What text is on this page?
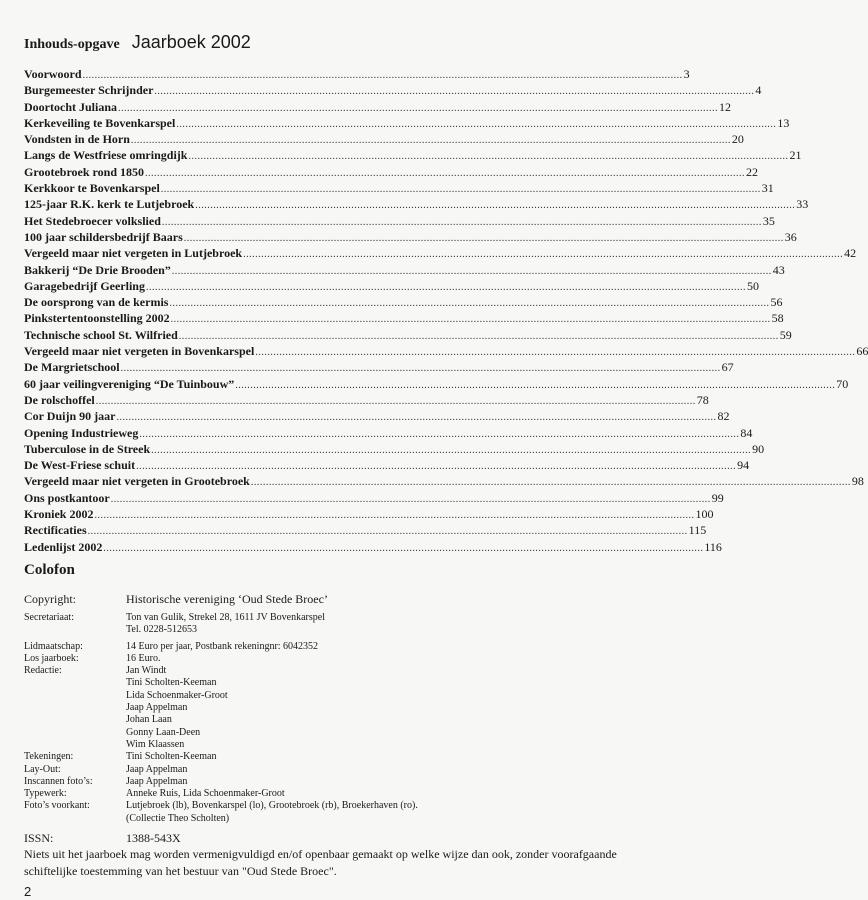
Inhouds-opgave Jaarboek 2002
Voorwoord ........................................................................................................................................................................................................ 3
Burgemeester Schrijnder ........................................................................................................................................................................................................ 4
Doortocht Juliana ........................................................................................................................................................................................................ 12
Kerkeveiling te Bovenkarspel ........................................................................................................................................................................................................ 13
Vondsten in de Horn ........................................................................................................................................................................................................ 20
Langs de Westfriese omringdijk ........................................................................................................................................................................................................ 21
Grootebroek rond 1850 ........................................................................................................................................................................................................ 22
Kerkkoor te Bovenkarspel ........................................................................................................................................................................................................ 31
125-jaar R.K. kerk te Lutjebroek ........................................................................................................................................................................................................ 33
Het Stedebroecer volkslied ........................................................................................................................................................................................................ 35
100 jaar schildersbedrijf Baars ........................................................................................................................................................................................................ 36
Vergeeld maar niet vergeten in Lutjebroek ........................................................................................................................................................................................................ 42
Bakkerij “De Drie Brooden” ........................................................................................................................................................................................................ 43
Garagebedrijf Geerling ........................................................................................................................................................................................................ 50
De oorsprong van de kermis ........................................................................................................................................................................................................ 56
Pinkstertentoonstelling 2002 ........................................................................................................................................................................................................ 58
Technische school St. Wilfried ........................................................................................................................................................................................................ 59
Vergeeld maar niet vergeten in Bovenkarspel ........................................................................................................................................................................................................ 66
De Margrietschool ........................................................................................................................................................................................................ 67
60 jaar veilingvereniging “De Tuinbouw” ........................................................................................................................................................................................................ 70
De rolschoffel ........................................................................................................................................................................................................ 78
Cor Duijn 90 jaar ........................................................................................................................................................................................................ 82
Opening Industrieweg ........................................................................................................................................................................................................ 84
Tuberculose in de Streek ........................................................................................................................................................................................................ 90
De West-Friese schuit ........................................................................................................................................................................................................ 94
Vergeeld maar niet vergeten in Grootebroek ........................................................................................................................................................................................................ 98
Ons postkantoor ........................................................................................................................................................................................................ 99
Kroniek 2002 ........................................................................................................................................................................................................ 100
Rectificaties ........................................................................................................................................................................................................ 115
Ledenlijst 2002 ........................................................................................................................................................................................................ 116
Colofon
Copyright:	Historische vereniging ‘Oud Stede Broec’
Secretariaat:	Ton van Gulik, Strekel 28, 1611 JV Bovenkarspel
Tel. 0228-512653
Lidmaatschap:	14 Euro per jaar, Postbank rekeningnr: 6042352
Los jaarboek:	16 Euro.
Redactie:	Jan Windt
Tini Scholten-Keeman
Lida Schoenmaker-Groot
Jaap Appelman
Johan Laan
Gonny Laan-Deen
Wim Klaassen
Tekeningen:	Tini Scholten-Keeman
Lay-Out:	Jaap Appelman
Inscannen foto’s:	Jaap Appelman
Typewerk:	Anneke Ruis, Lida Schoenmaker-Groot
Foto’s voorkant:	Lutjebroek (lb), Bovenkarspel (lo), Grootebroek (rb), Broekerhaven (ro).
(Collectie Theo Scholten)
ISSN:	1388-543X
Niets uit het jaarboek mag worden vermenigvuldigd en/of openbaar gemaakt op welke wijze dan ook, zonder voorafgaande schiftelijke toestemming van het bestuur van "Oud Stede Broec".
2
